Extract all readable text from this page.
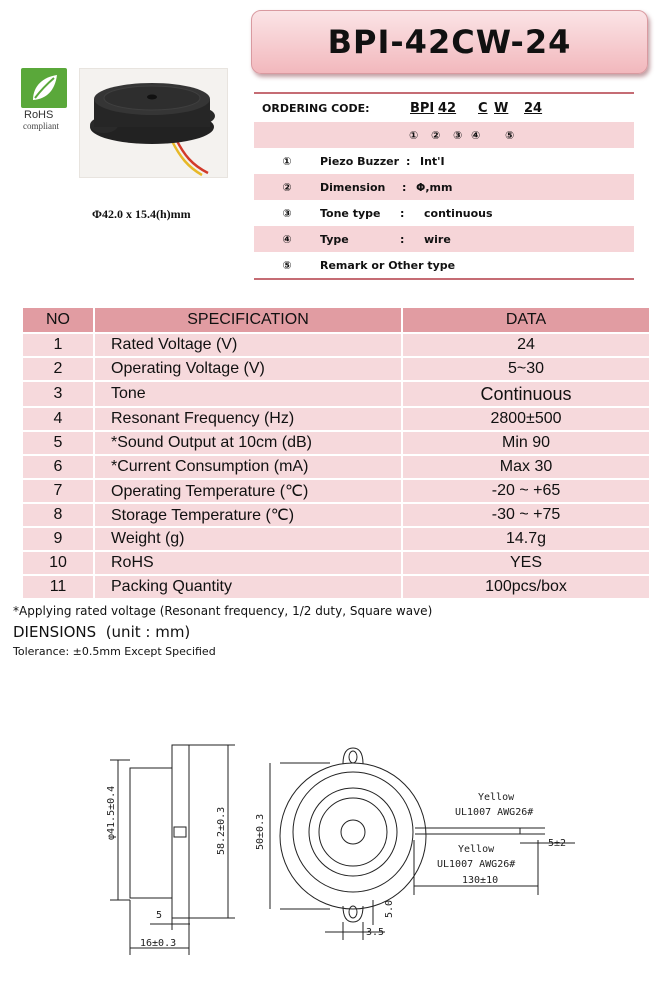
BPI-42CW-24
RoHS
compliant
Φ42.0 x 15.4(h)mm
ORDERING CODE:	BPI 42	C W	24
①	②	③ ④	⑤
①	Piezo Buzzer : Int'I
②	Dimension	: Φ,mm
③	Tone type	:	continuous
④	Type	:	wire
⑤	Remark or Other type
NO	SPECIFICATION	DATA
1	Rated Voltage (V)	24
2	Operating Voltage (V)	5~30
3	Tone	Continuous
4	Resonant Frequency (Hz)	2800±500
5	*Sound Output at 10cm (dB)	Min 90
6	*Current Consumption (mA)	Max 30
7	Operating Temperature (℃)	-20 ~ +65
8	Storage Temperature (℃)	-30 ~ +75
9	Weight (g)	14.7g
10	RoHS	YES
11	Packing Quantity	100pcs/box
*Applying rated voltage (Resonant frequency, 1/2 duty, Square wave)
DIENSIONS  (unit : mm)
Tolerance: ±0.5mm Except Specified
φ41.5±0.4	58.2±0.3
5
16±0.3
50±0.3
Yellow
UL1007 AWG26#
Yellow
UL1007 AWG26#
5±2
130±10
5.0
3.5
